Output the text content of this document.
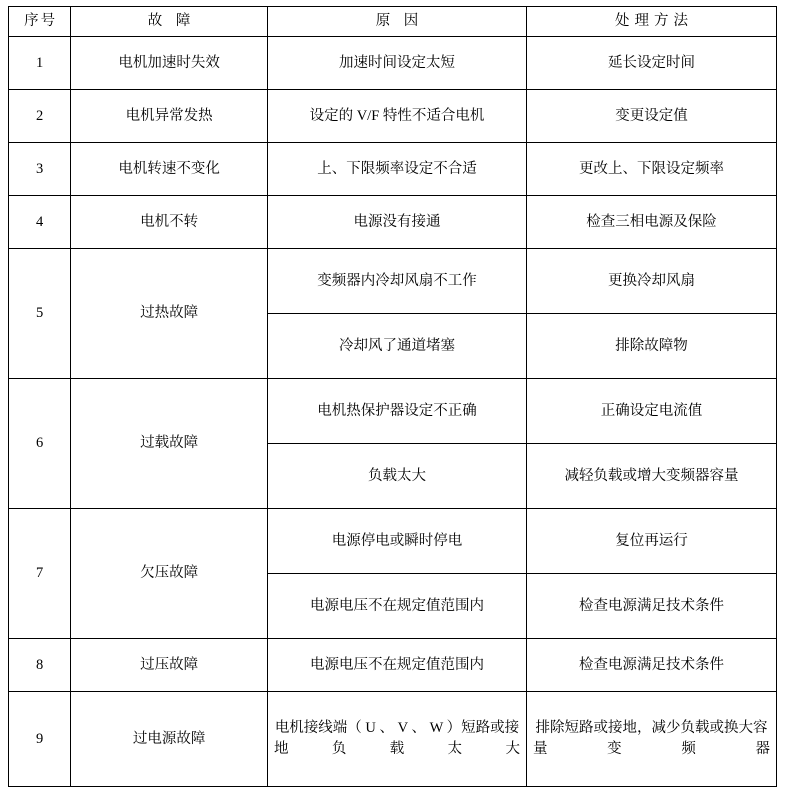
序号	故 障	原 因	处理方法
1	电机加速时失效	加速时间设定太短	延长设定时间
2	电机异常发热	设定的 V/F 特性不适合电机	变更设定值
3	电机转速不变化	上、下限频率设定不合适	更改上、下限设定频率
4	电机不转	电源没有接通	检查三相电源及保险
5	过热故障	变频器内冷却风扇不工作	更换冷却风扇
		冷却风了通道堵塞	排除故障物
6	过载故障	电机热保护器设定不正确	正确设定电流值
		负载太大	减轻负载或增大变频器容量
7	欠压故障	电源停电或瞬时停电	复位再运行
		电源电压不在规定值范围内	检查电源满足技术条件
8	过压故障	电源电压不在规定值范围内	检查电源满足技术条件
9	过电源故障	电机接线端（ U 、 V 、 W ）短路或接地负载太大	排除短路或接地，减少负载或换大容量变频器
